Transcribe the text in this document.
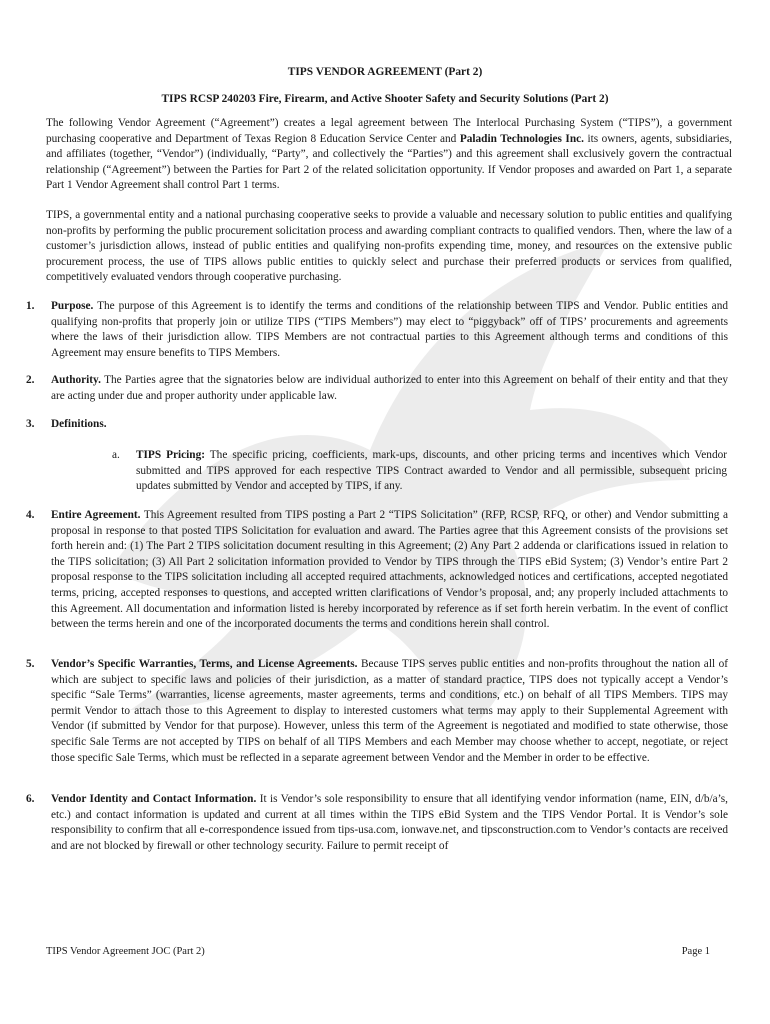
TIPS VENDOR AGREEMENT (Part 2)
TIPS RCSP 240203 Fire, Firearm, and Active Shooter Safety and Security Solutions (Part 2)

The following Vendor Agreement (“Agreement”) creates a legal agreement between The Interlocal Purchasing System (“TIPS”), a government purchasing cooperative and Department of Texas Region 8 Education Service Center and Paladin Technologies Inc. its owners, agents, subsidiaries, and affiliates (together, “Vendor”) (individually, “Party”, and collectively the “Parties”) and this agreement shall exclusively govern the contractual relationship (“Agreement”) between the Parties for Part 2 of the related solicitation opportunity. If Vendor proposes and awarded on Part 1, a separate Part 1 Vendor Agreement shall control Part 1 terms.

TIPS, a governmental entity and a national purchasing cooperative seeks to provide a valuable and necessary solution to public entities and qualifying non-profits by performing the public procurement solicitation process and awarding compliant contracts to qualified vendors. Then, where the law of a customer’s jurisdiction allows, instead of public entities and qualifying non-profits expending time, money, and resources on the extensive public procurement process, the use of TIPS allows public entities to quickly select and purchase their preferred products or services from qualified, competitively evaluated vendors through cooperative purchasing.

1. Purpose. The purpose of this Agreement is to identify the terms and conditions of the relationship between TIPS and Vendor. Public entities and qualifying non-profits that properly join or utilize TIPS (“TIPS Members”) may elect to “piggyback” off of TIPS’ procurements and agreements where the laws of their jurisdiction allow. TIPS Members are not contractual parties to this Agreement although terms and conditions of this Agreement may ensure benefits to TIPS Members.

2. Authority. The Parties agree that the signatories below are individual authorized to enter into this Agreement on behalf of their entity and that they are acting under due and proper authority under applicable law.

3. Definitions.

a. TIPS Pricing: The specific pricing, coefficients, mark-ups, discounts, and other pricing terms and incentives which Vendor submitted and TIPS approved for each respective TIPS Contract awarded to Vendor and all permissible, subsequent pricing updates submitted by Vendor and accepted by TIPS, if any.

4. Entire Agreement. This Agreement resulted from TIPS posting a Part 2 “TIPS Solicitation” (RFP, RCSP, RFQ, or other) and Vendor submitting a proposal in response to that posted TIPS Solicitation for evaluation and award. The Parties agree that this Agreement consists of the provisions set forth herein and: (1) The Part 2 TIPS solicitation document resulting in this Agreement; (2) Any Part 2 addenda or clarifications issued in relation to the TIPS solicitation; (3) All Part 2 solicitation information provided to Vendor by TIPS through the TIPS eBid System; (3) Vendor’s entire Part 2 proposal response to the TIPS solicitation including all accepted required attachments, acknowledged notices and certifications, accepted negotiated terms, pricing, accepted responses to questions, and accepted written clarifications of Vendor’s proposal, and; any properly included attachments to this Agreement. All documentation and information listed is hereby incorporated by reference as if set forth herein verbatim. In the event of conflict between the terms herein and one of the incorporated documents the terms and conditions herein shall control.

5. Vendor’s Specific Warranties, Terms, and License Agreements. Because TIPS serves public entities and non-profits throughout the nation all of which are subject to specific laws and policies of their jurisdiction, as a matter of standard practice, TIPS does not typically accept a Vendor’s specific “Sale Terms” (warranties, license agreements, master agreements, terms and conditions, etc.) on behalf of all TIPS Members. TIPS may permit Vendor to attach those to this Agreement to display to interested customers what terms may apply to their Supplemental Agreement with Vendor (if submitted by Vendor for that purpose). However, unless this term of the Agreement is negotiated and modified to state otherwise, those specific Sale Terms are not accepted by TIPS on behalf of all TIPS Members and each Member may choose whether to accept, negotiate, or reject those specific Sale Terms, which must be reflected in a separate agreement between Vendor and the Member in order to be effective.

6. Vendor Identity and Contact Information. It is Vendor’s sole responsibility to ensure that all identifying vendor information (name, EIN, d/b/a’s, etc.) and contact information is updated and current at all times within the TIPS eBid System and the TIPS Vendor Portal. It is Vendor’s sole responsibility to confirm that all e-correspondence issued from tips-usa.com, ionwave.net, and tipsconstruction.com to Vendor’s contacts are received and are not blocked by firewall or other technology security. Failure to permit receipt of

TIPS Vendor Agreement JOC (Part 2)	Page 1
